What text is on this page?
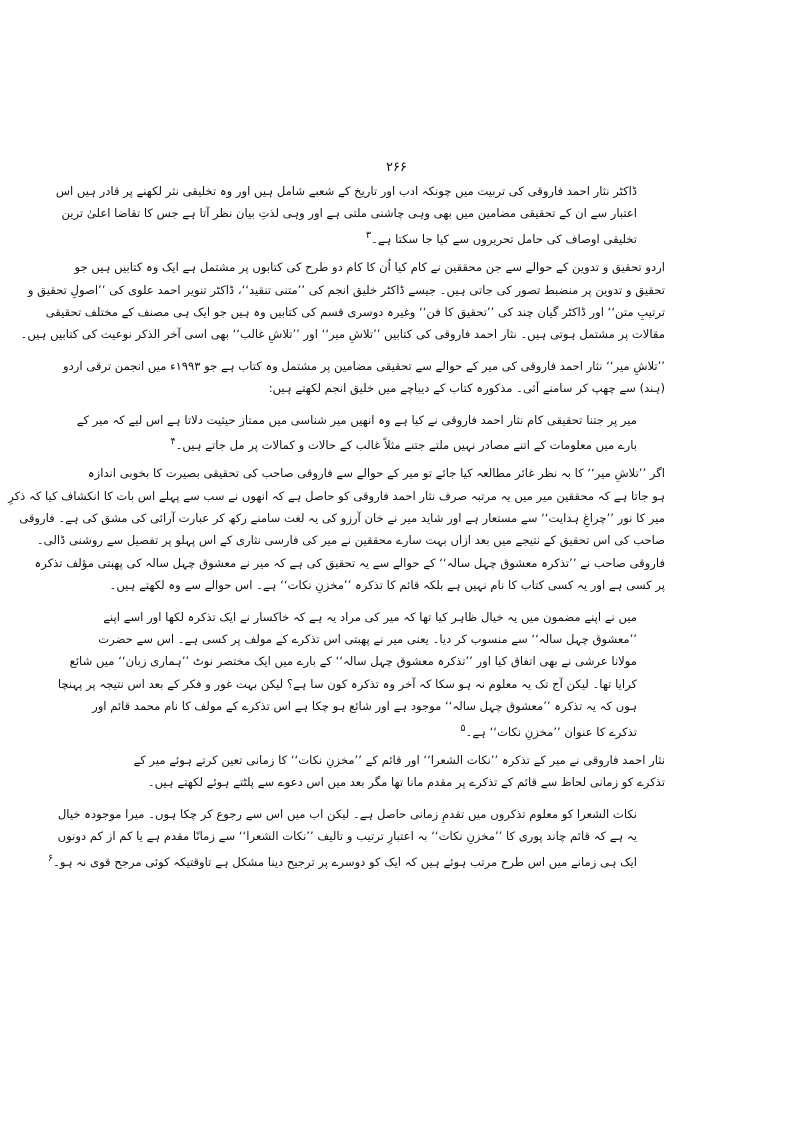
۲۶۶
ڈاکٹر نثار احمد فاروقی کی تربیت میں چونکہ ادب اور تاریخ کے شعبے شامل ہیں اور وہ تخلیقی نثر لکھنے پر قادر ہیں اس
اعتبار سے ان کے تحقیقی مضامین میں بھی وہی چاشنی ملتی ہے اور وہی لذتِ بیان نظر آتا ہے جس کا تقاضا اعلیٰ ترین
تخلیقی اوصاف کی حامل تحریروں سے کیا جا سکتا ہے۔$^۳$
اردو تحقیق و تدوین کے حوالے سے جن محققین نے کام کیا اُن کا کام دو طرح کی کتابوں پر مشتمل ہے ایک وہ کتابیں ہیں جو
تحقیق و تدوین پر منضبط تصور کی جاتی ہیں۔ جیسے ڈاکٹر خلیق انجم کی ’’متنی تنقید‘‘، ڈاکٹر تنویر احمد علوی کی ’’اصولِ تحقیق و
ترتیبِ متن‘‘ اور ڈاکٹر گیان چند کی ’’تحقیق کا فن‘‘ وغیرہ دوسری قسم کی کتابیں وہ ہیں جو ایک ہی مصنف کے مختلف تحقیقی
مقالات پر مشتمل ہوتی ہیں۔ نثار احمد فاروقی کی کتابیں ’’تلاشِ میر‘‘ اور ’’تلاشِ غالب‘‘ بھی اسی آخر الذکر نوعیت کی کتابیں ہیں۔
’’تلاشِ میر‘‘ نثار احمد فاروقی کی میر کے حوالے سے تحقیقی مضامین پر مشتمل وہ کتاب ہے جو ۱۹۹۳ء میں انجمن ترقی اردو
(ہند) سے چھپ کر سامنے آئی۔ مذکورہ کتاب کے دیباچے میں خلیق انجم لکھتے ہیں:
میر پر جتنا تحقیقی کام نثار احمد فاروقی نے کیا ہے وہ انھیں میر شناسی میں ممتاز حیثیت دلاتا ہے اس لیے کہ میر کے
بارے میں معلومات کے اتنے مصادر نہیں ملتے جتنے مثلاً غالب کے حالات و کمالات پر مل جاتے ہیں۔$^۴$
اگر ’’تلاشِ میر‘‘ کا بہ نظر غائر مطالعہ کیا جائے تو میر کے حوالے سے فاروقی صاحب کی تحقیقی بصیرت کا بخوبی اندازہ
ہو جاتا ہے کہ محققین میر میں یہ مرتبہ صرف نثار احمد فاروقی کو حاصل ہے کہ انھوں نے سب سے پہلے اس بات کا انکشاف کیا کہ ذکرِ
میر کا نور ’’چراغِ ہدایت‘‘ سے مستعار ہے اور شاید میر نے خان آرزو کی یہ لغت سامنے رکھ کر عبارت آرائی کی مشق کی ہے۔ فاروقی
صاحب کی اس تحقیق کے نتیجے میں بعد ازاں بہت سارے محققین نے میر کی فارسی نثاری کے اس پہلو پر تفصیل سے روشنی ڈالی۔
فاروقی صاحب نے ’’تذکرہ معشوق چہل سالہ‘‘ کے حوالے سے یہ تحقیق کی ہے کہ میر نے معشوق چہل سالہ کی پھبتی مؤلف تذکرہ
پر کسی ہے اور یہ کسی کتاب کا نام نہیں ہے بلکہ قائم کا تذکرہ ’’مخزنِ نکات‘‘ ہے۔ اس حوالے سے وہ لکھتے ہیں۔
میں نے اپنے مضمون میں یہ خیال ظاہر کیا تھا کہ میر کی مراد یہ ہے کہ خاکسار نے ایک تذکرہ لکھا اور اسے اپنے
’’معشوق چہل سالہ‘‘ سے منسوب کر دیا۔ یعنی میر نے پھبتی اس تذکرے کے مولف پر کسی ہے۔ اس سے حضرت
مولانا عرشی نے بھی اتفاق کیا اور ’’تذکرہ معشوق چہل سالہ‘‘ کے بارے میں ایک مختصر نوٹ ’’ہماری زبان‘‘ میں شائع
کرایا تھا۔ لیکن آج تک یہ معلوم نہ ہو سکا کہ آخر وہ تذکرہ کون سا ہے؟ لیکن بہت غور و فکر کے بعد اس نتیجہ پر پہنچا
ہوں کہ یہ تذکرہ ’’معشوق چہل سالہ‘‘ موجود ہے اور شائع ہو چکا ہے اس تذکرے کے مولف کا نام محمد قائم اور
تذکرے کا عنوان ’’مخزنِ نکات‘‘ ہے۔$^۵$
نثار احمد فاروقی نے میر کے تذکرہ ’’نکات الشعرا‘‘ اور قائم کے ’’مخزنِ نکات‘‘ کا زمانی تعین کرتے ہوئے میر کے
تذکرے کو زمانی لحاظ سے قائم کے تذکرے پر مقدم مانا تھا مگر بعد میں اس دعوے سے پلٹتے ہوئے لکھتے ہیں۔
نکات الشعرا کو معلوم تذکروں میں تقدمِ زمانی حاصل ہے۔ لیکن اب میں اس سے رجوع کر چکا ہوں۔ میرا موجودہ خیال
یہ ہے کہ قائم چاند پوری کا ’’مخزنِ نکات‘‘ بہ اعتبارِ ترتیب و تالیف ’’نکات الشعرا‘‘ سے زمانًا مقدم ہے یا کم از کم دونوں
ایک ہی زمانے میں اس طرح مرتب ہوئے ہیں کہ ایک کو دوسرے پر ترجیح دینا مشکل ہے تاوقتیکہ کوئی مرجح قوی نہ ہو۔$^۶$
